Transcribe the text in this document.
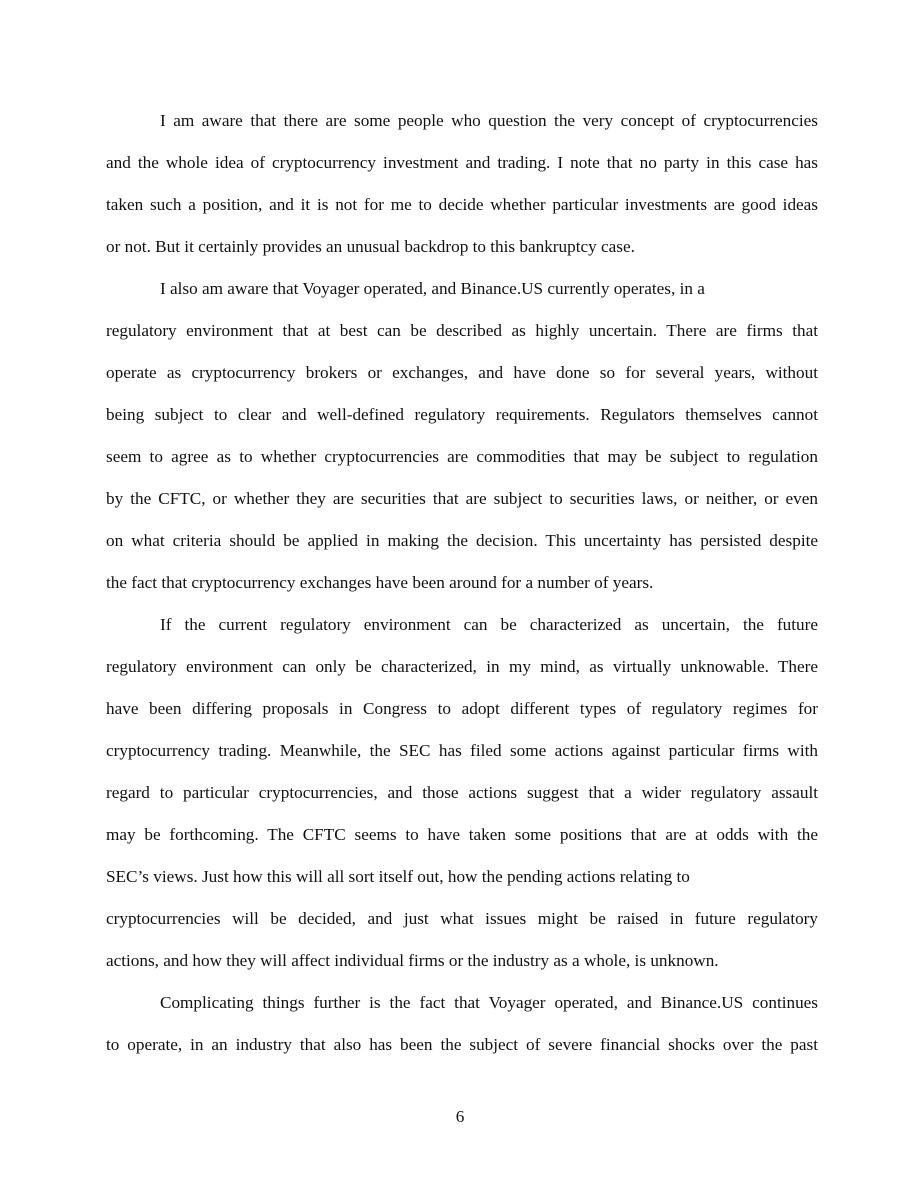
I am aware that there are some people who question the very concept of cryptocurrencies

and the whole idea of cryptocurrency investment and trading. I note that no party in this case has

taken such a position, and it is not for me to decide whether particular investments are good ideas

or not. But it certainly provides an unusual backdrop to this bankruptcy case.

I also am aware that Voyager operated, and Binance.US currently operates, in a

regulatory environment that at best can be described as highly uncertain. There are firms that

operate as cryptocurrency brokers or exchanges, and have done so for several years, without

being subject to clear and well-defined regulatory requirements. Regulators themselves cannot

seem to agree as to whether cryptocurrencies are commodities that may be subject to regulation

by the CFTC, or whether they are securities that are subject to securities laws, or neither, or even

on what criteria should be applied in making the decision. This uncertainty has persisted despite

the fact that cryptocurrency exchanges have been around for a number of years.

If the current regulatory environment can be characterized as uncertain, the future

regulatory environment can only be characterized, in my mind, as virtually unknowable. There

have been differing proposals in Congress to adopt different types of regulatory regimes for

cryptocurrency trading. Meanwhile, the SEC has filed some actions against particular firms with

regard to particular cryptocurrencies, and those actions suggest that a wider regulatory assault

may be forthcoming. The CFTC seems to have taken some positions that are at odds with the

SEC’s views. Just how this will all sort itself out, how the pending actions relating to

cryptocurrencies will be decided, and just what issues might be raised in future regulatory

actions, and how they will affect individual firms or the industry as a whole, is unknown.

Complicating things further is the fact that Voyager operated, and Binance.US continues

to operate, in an industry that also has been the subject of severe financial shocks over the past

6
